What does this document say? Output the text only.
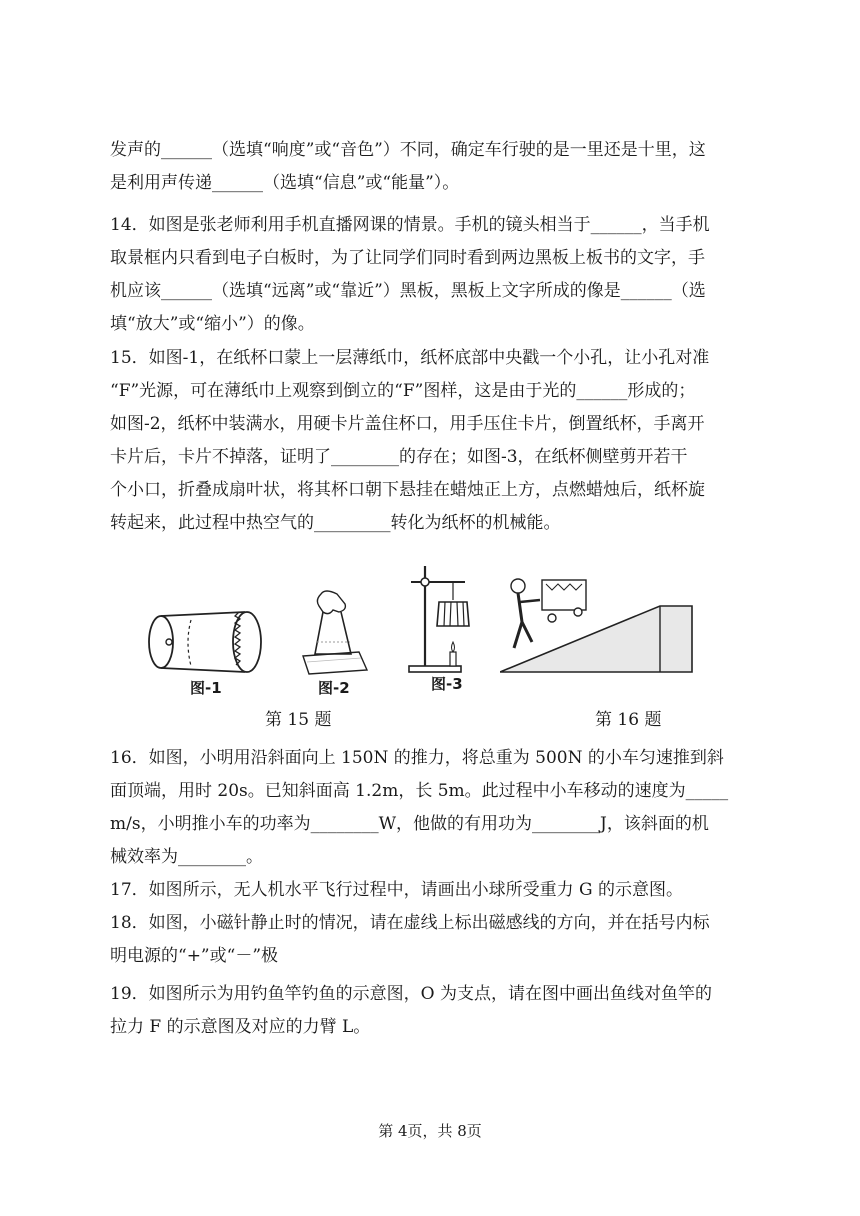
发声的______（选填“响度”或“音色”）不同，确定车行驶的是一里还是十里，这
是利用声传递______（选填“信息”或“能量”）。
14．如图是张老师利用手机直播网课的情景。手机的镜头相当于______，当手机
取景框内只看到电子白板时，为了让同学们同时看到两边黑板上板书的文字，手
机应该______（选填“远离”或“靠近”）黑板，黑板上文字所成的像是______（选
填“放大”或“缩小”）的像。
15．如图-1，在纸杯口蒙上一层薄纸巾，纸杯底部中央戳一个小孔，让小孔对准
“F”光源，可在薄纸巾上观察到倒立的“F”图样，这是由于光的______形成的；
如图-2，纸杯中装满水，用硬卡片盖住杯口，用手压住卡片，倒置纸杯，手离开
卡片后，卡片不掉落，证明了________的存在；如图-3，在纸杯侧壁剪开若干
个小口，折叠成扇叶状，将其杯口朝下悬挂在蜡烛正上方，点燃蜡烛后，纸杯旋
转起来，此过程中热空气的_________转化为纸杯的机械能。
图-1	图-2	图-3
第 15 题	第 16 题
16．如图，小明用沿斜面向上 150N 的推力，将总重为 500N 的小车匀速推到斜
面顶端，用时 20s。已知斜面高 1.2m，长 5m。此过程中小车移动的速度为_____
m/s，小明推小车的功率为________W，他做的有用功为________J，该斜面的机
械效率为________。
17．如图所示，无人机水平飞行过程中，请画出小球所受重力 G 的示意图。
18．如图，小磁针静止时的情况，请在虚线上标出磁感线的方向，并在括号内标
明电源的“+”或“－”极
19．如图所示为用钓鱼竿钓鱼的示意图，O 为支点，请在图中画出鱼线对鱼竿的
拉力 F 的示意图及对应的力臂 L。
第 4页，共 8页
